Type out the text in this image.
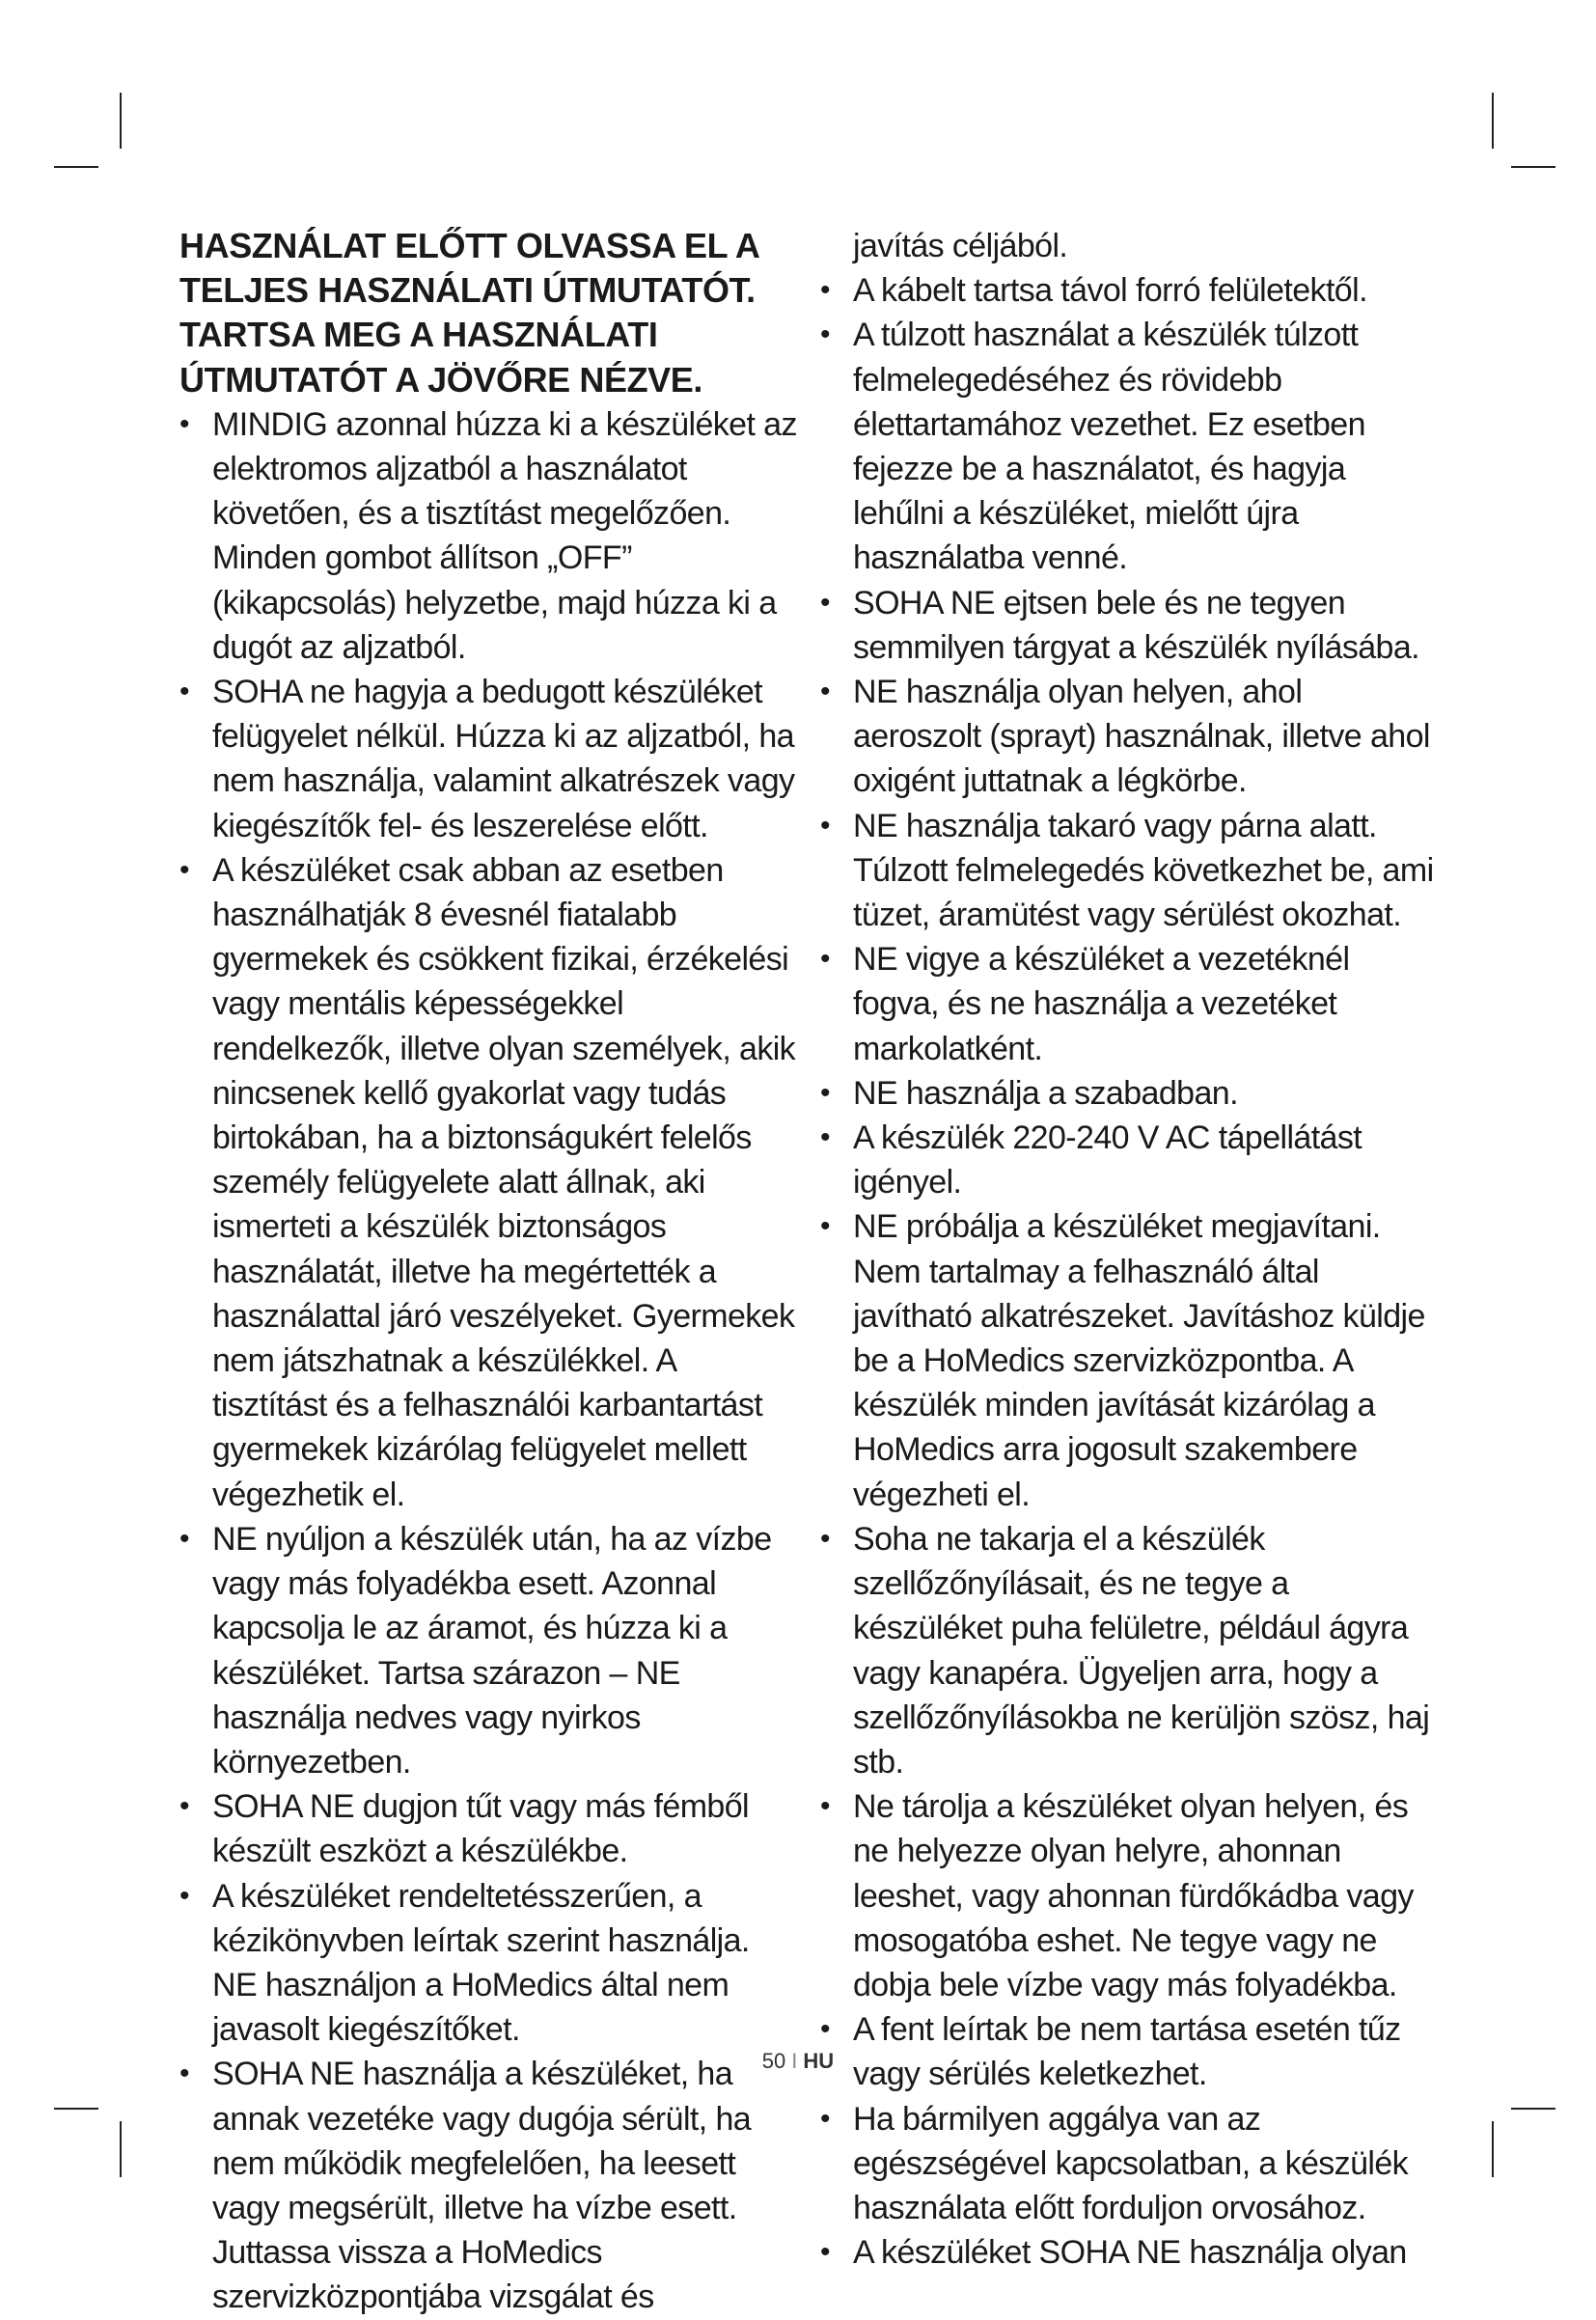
HASZNÁLAT ELŐTT OLVASSA EL A TELJES HASZNÁLATI ÚTMUTATÓT. TARTSA MEG A HASZNÁLATI ÚTMUTATÓT A JÖVŐRE NÉZVE.
• MINDIG azonnal húzza ki a készüléket az elektromos aljzatból a használatot követően, és a tisztítást megelőzően. Minden gombot állítson „OFF” (kikapcsolás) helyzetbe, majd húzza ki a dugót az aljzatból.
• SOHA ne hagyja a bedugott készüléket felügyelet nélkül. Húzza ki az aljzatból, ha nem használja, valamint alkatrészek vagy kiegészítők fel- és leszerelése előtt.
• A készüléket csak abban az esetben használhatják 8 évesnél fiatalabb gyermekek és csökkent fizikai, érzékelési vagy mentális képességekkel rendelkezők, illetve olyan személyek, akik nincsenek kellő gyakorlat vagy tudás birtokában, ha a biztonságukért felelős személy felügyelete alatt állnak, aki ismerteti a készülék biztonságos használatát, illetve ha megértették a használattal járó veszélyeket. Gyermekek nem játszhatnak a készülékkel. A tisztítást és a felhasználói karbantartást gyermekek kizárólag felügyelet mellett végezhetik el.
• NE nyúljon a készülék után, ha az vízbe vagy más folyadékba esett. Azonnal kapcsolja le az áramot, és húzza ki a készüléket. Tartsa szárazon – NE használja nedves vagy nyirkos környezetben.
• SOHA NE dugjon tűt vagy más fémből készült eszközt a készülékbe.
• A készüléket rendeltetésszerűen, a kézikönyvben leírtak szerint használja. NE használjon a HoMedics által nem javasolt kiegészítőket.
• SOHA NE használja a készüléket, ha annak vezetéke vagy dugója sérült, ha nem működik megfelelően, ha leesett vagy megsérült, illetve ha vízbe esett. Juttassa vissza a HoMedics szervizközpontjába vizsgálat és
javítás céljából.
• A kábelt tartsa távol forró felületektől.
• A túlzott használat a készülék túlzott felmelegedéséhez és rövidebb élettartamához vezethet. Ez esetben fejezze be a használatot, és hagyja lehűlni a készüléket, mielőtt újra használatba venné.
• SOHA NE ejtsen bele és ne tegyen semmilyen tárgyat a készülék nyílásába.
• NE használja olyan helyen, ahol aeroszolt (sprayt) használnak, illetve ahol oxigént juttatnak a légkörbe.
• NE használja takaró vagy párna alatt. Túlzott felmelegedés következhet be, ami tüzet, áramütést vagy sérülést okozhat.
• NE vigye a készüléket a vezetéknél fogva, és ne használja a vezetéket markolatként.
• NE használja a szabadban.
• A készülék 220-240 V AC tápellátást igényel.
• NE próbálja a készüléket megjavítani. Nem tartalmay a felhasználó által javítható alkatrészeket. Javításhoz küldje be a HoMedics szervizközpontba. A készülék minden javítását kizárólag a HoMedics arra jogosult szakembere végezheti el.
• Soha ne takarja el a készülék szellőzőnyílásait, és ne tegye a készüléket puha felületre, például ágyra vagy kanapéra. Ügyeljen arra, hogy a szellőzőnyílásokba ne kerüljön szösz, haj stb.
• Ne tárolja a készüléket olyan helyen, és ne helyezze olyan helyre, ahonnan leeshet, vagy ahonnan fürdőkádba vagy mosogatóba eshet. Ne tegye vagy ne dobja bele vízbe vagy más folyadékba.
• A fent leírtak be nem tartása esetén tűz vagy sérülés keletkezhet.
• Ha bármilyen aggálya van az egészségével kapcsolatban, a készülék használata előtt forduljon orvosához.
• A készüléket SOHA NE használja olyan
50 I HU
